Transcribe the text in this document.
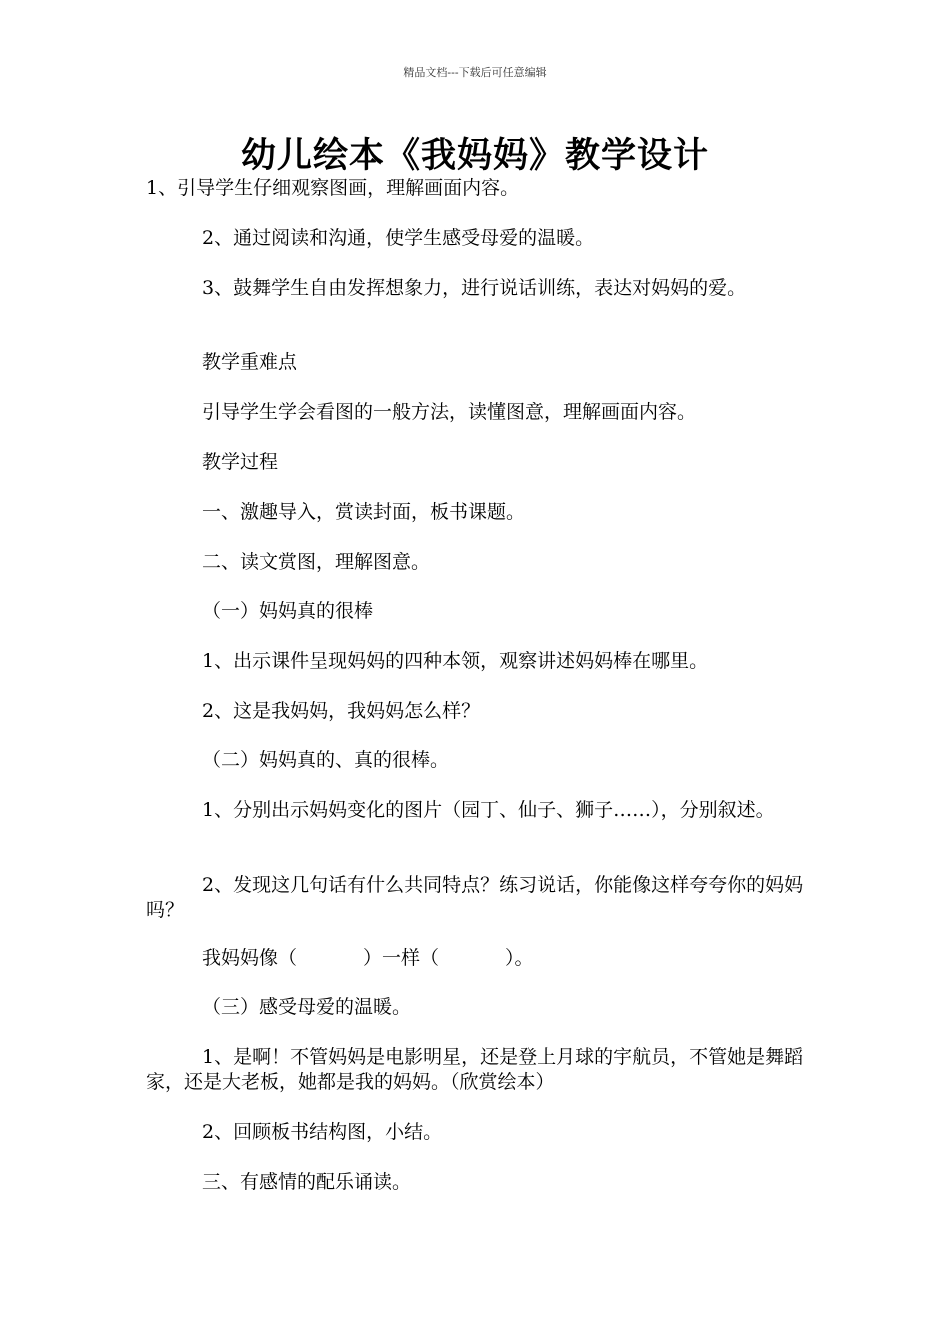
精品文档---下载后可任意编辑
幼儿绘本《我妈妈》教学设计
1、引导学生仔细观察图画，理解画面内容。
2、通过阅读和沟通，使学生感受母爱的温暖。
3、鼓舞学生自由发挥想象力，进行说话训练，表达对妈妈的爱。
教学重难点
引导学生学会看图的一般方法，读懂图意，理解画面内容。
教学过程
一、激趣导入，赏读封面，板书课题。
二、读文赏图，理解图意。
（一）妈妈真的很棒
1、出示课件呈现妈妈的四种本领，观察讲述妈妈棒在哪里。
2、这是我妈妈，我妈妈怎么样？
（二）妈妈真的、真的很棒。
1、分别出示妈妈变化的图片（园丁、仙子、狮子……），分别叙述。
2、发现这几句话有什么共同特点？练习说话，你能像这样夸夸你的妈妈吗？
我妈妈像（	）一样（	）。
（三）感受母爱的温暖。
1、是啊！不管妈妈是电影明星，还是登上月球的宇航员，不管她是舞蹈家，还是大老板，她都是我的妈妈。（欣赏绘本）
2、回顾板书结构图，小结。
三、有感情的配乐诵读。
